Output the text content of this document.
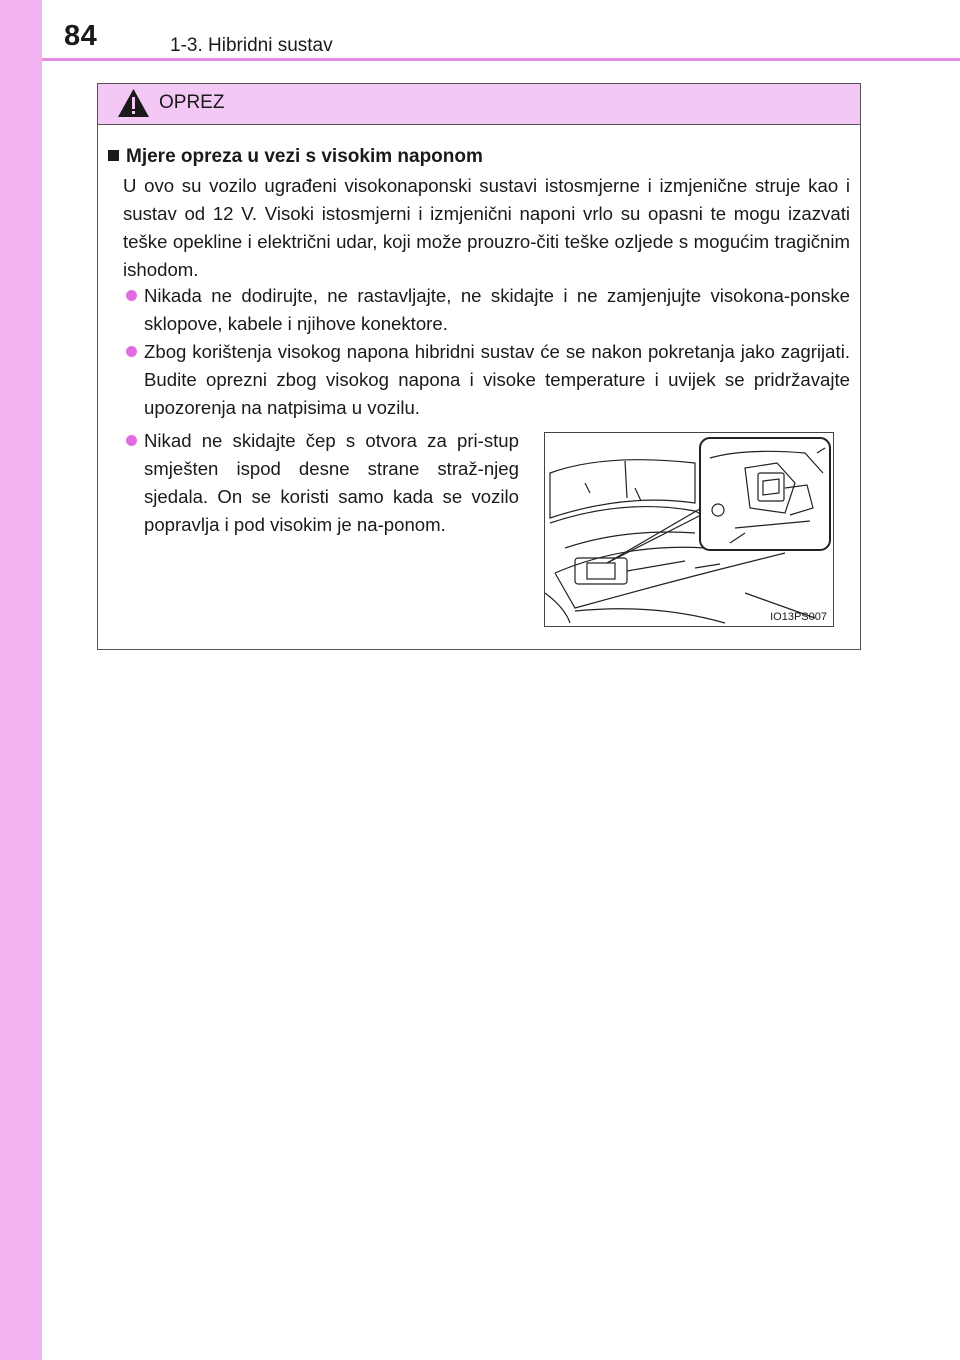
84	1-3. Hibridni sustav
OPREZ
Mjere opreza u vezi s visokim naponom
U ovo su vozilo ugrađeni visokonaponski sustavi istosmjerne i izmjenične struje kao i sustav od 12 V. Visoki istosmjerni i izmjenični naponi vrlo su opasni te mogu izazvati teške opekline i električni udar, koji može prouzro-čiti teške ozljede s mogućim tragičnim ishodom.
Nikada ne dodirujte, ne rastavljajte, ne skidajte i ne zamjenjujte visokona-ponske sklopove, kabele i njihove konektore.
Zbog korištenja visokog napona hibridni sustav će se nakon pokretanja jako zagrijati. Budite oprezni zbog visokog napona i visoke temperature i uvijek se pridržavajte upozorenja na natpisima u vozilu.
Nikad ne skidajte čep s otvora za pri-stup smješten ispod desne strane straž-njeg sjedala. On se koristi samo kada se vozilo popravlja i pod visokim je na-ponom.
IO13PS007
